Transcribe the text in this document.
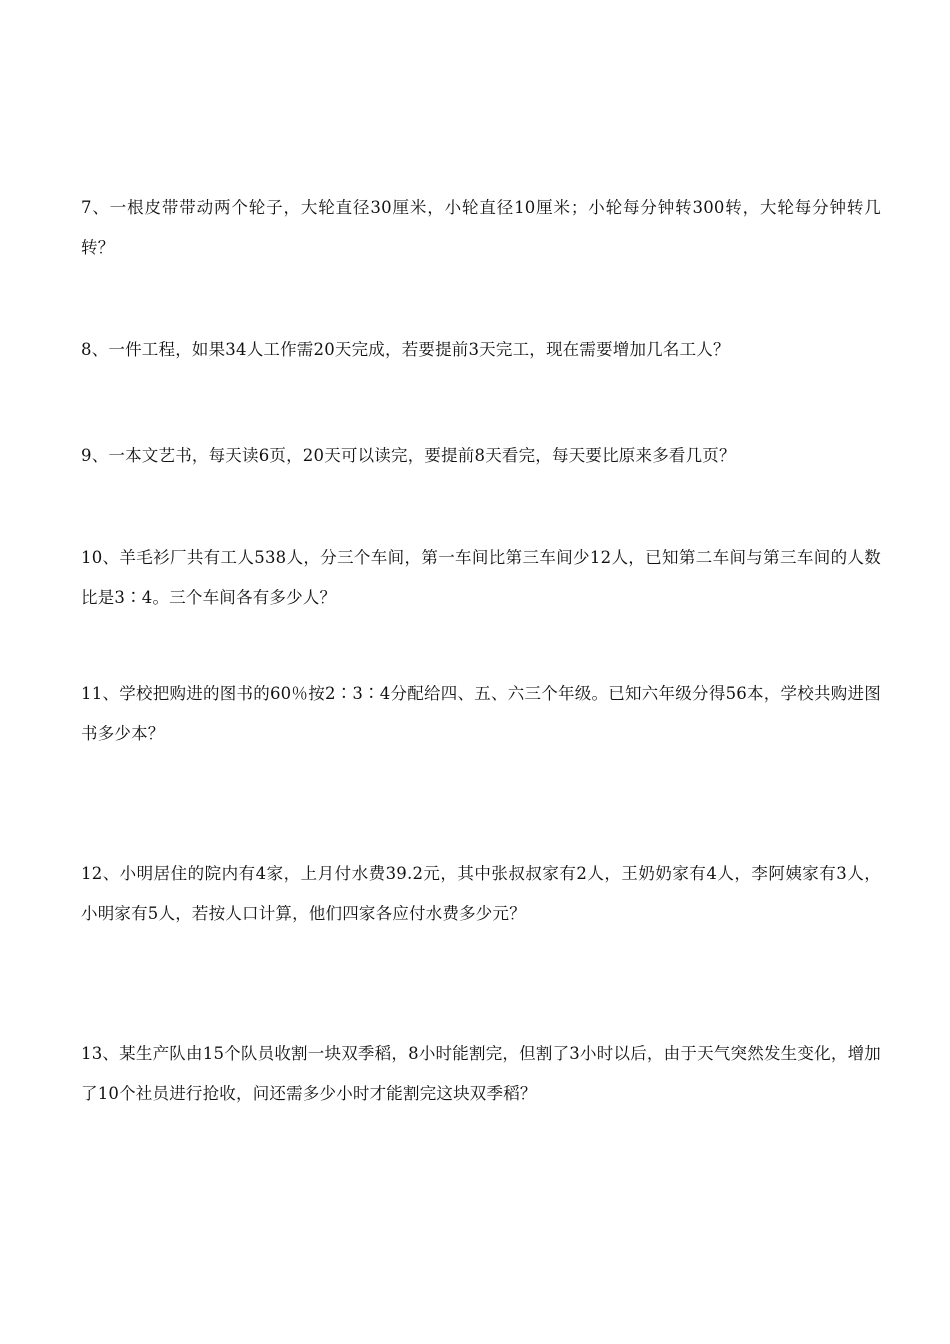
7、一根皮带带动两个轮子，大轮直径30厘米，小轮直径10厘米；小轮每分钟转300转，大轮每分钟转几转？

8、一件工程，如果34人工作需20天完成，若要提前3天完工，现在需要增加几名工人？

9、一本文艺书，每天读6页，20天可以读完，要提前8天看完，每天要比原来多看几页？

10、羊毛衫厂共有工人538人，分三个车间，第一车间比第三车间少12人，已知第二车间与第三车间的人数比是3∶4。三个车间各有多少人？

11、学校把购进的图书的60％按2∶3∶4分配给四、五、六三个年级。已知六年级分得56本，学校共购进图书多少本？

12、小明居住的院内有4家，上月付水费39.2元，其中张叔叔家有2人，王奶奶家有4人，李阿姨家有3人，小明家有5人，若按人口计算，他们四家各应付水费多少元？

13、某生产队由15个队员收割一块双季稻，8小时能割完，但割了3小时以后，由于天气突然发生变化，增加了10个社员进行抢收，问还需多少小时才能割完这块双季稻？
